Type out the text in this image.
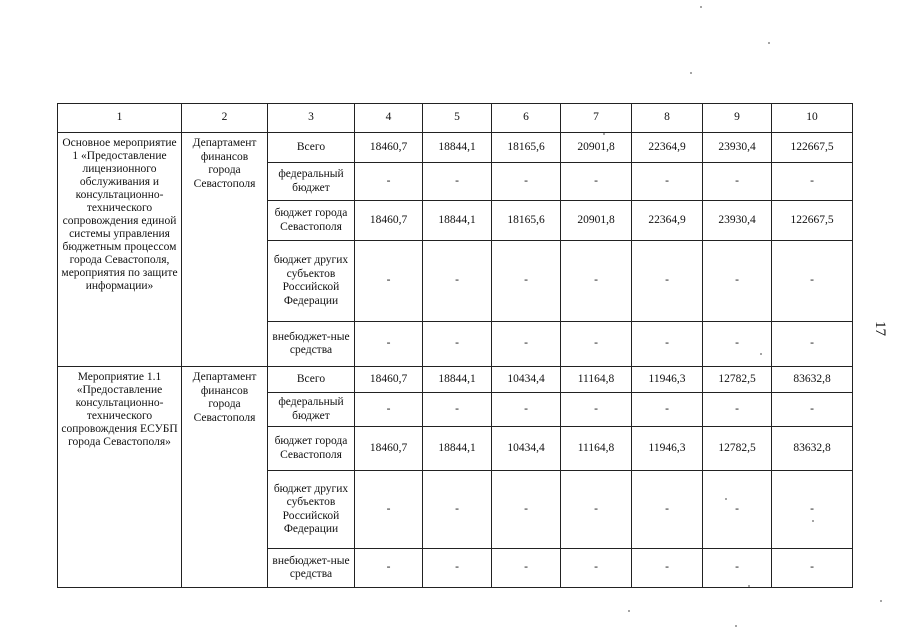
1	2	3	4	5	6	7	8	9	10
Основное мероприятие 1 «Предоставление лицензионного обслуживания и консультационно-технического сопровождения единой системы управления бюджетным процессом города Севастополя, мероприятия по защите информации»	Департамент финансов города Севастополя	Всего	18460,7	18844,1	18165,6	20901,8	22364,9	23930,4	122667,5
		федеральный бюджет	-	-	-	-	-	-	-
		бюджет города Севастополя	18460,7	18844,1	18165,6	20901,8	22364,9	23930,4	122667,5
		бюджет других субъектов Российской Федерации	-	-	-	-	-	-	-
		внебюджет-ные средства	-	-	-	-	-	-	-
Мероприятие 1.1 «Предоставление консультационно-технического сопровождения ЕСУБП города Севастополя»	Департамент финансов города Севастополя	Всего	18460,7	18844,1	10434,4	11164,8	11946,3	12782,5	83632,8
		федеральный бюджет	-	-	-	-	-	-	-
		бюджет города Севастополя	18460,7	18844,1	10434,4	11164,8	11946,3	12782,5	83632,8
		бюджет других субъектов Российской Федерации	-	-	-	-	-	-	-
		внебюджет-ные средства	-	-	-	-	-	-	-
17
